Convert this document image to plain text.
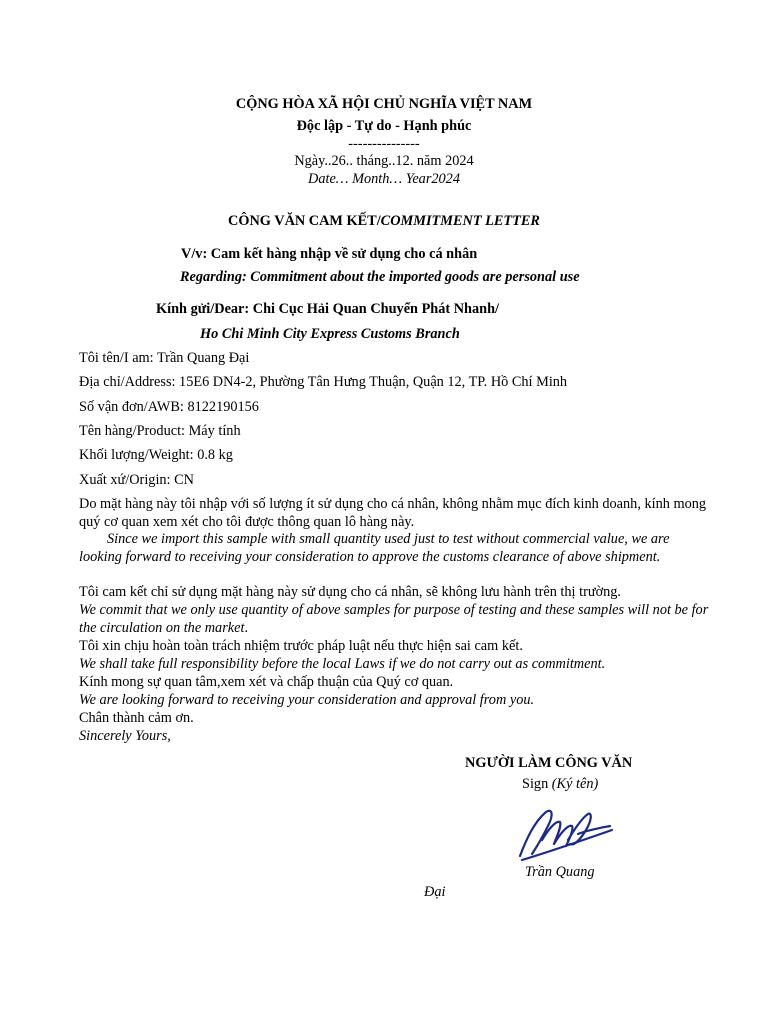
CỘNG HÒA XÃ HỘI CHỦ NGHĨA VIỆT NAM
Độc lập - Tự do - Hạnh phúc
---------------
Ngày..26.. tháng..12. năm 2024
Date… Month… Year2024
CÔNG VĂN CAM KẾT/COMMITMENT LETTER
V/v: Cam kết hàng nhập về sử dụng cho cá nhân
Regarding: Commitment about the imported goods are personal use
Kính gửi/Dear: Chi Cục Hải Quan Chuyển Phát Nhanh/
Ho Chi Minh City Express Customs Branch
Tôi tên/I am: Trần Quang Đại
Địa chỉ/Address: 15E6 DN4-2, Phường Tân Hưng Thuận, Quận 12, TP. Hồ Chí Minh
Số vận đơn/AWB: 8122190156
Tên hàng/Product: Máy tính
Khối lượng/Weight: 0.8 kg
Xuất xứ/Origin: CN
Do mặt hàng này tôi nhập với số lượng ít sử dụng cho cá nhân, không nhằm mục đích kinh doanh, kính mong quý cơ quan xem xét cho tôi được thông quan lô hàng này.
Since we import this sample with small quantity used just to test without commercial value, we are looking forward to receiving your consideration to approve the customs clearance of above shipment.
Tôi cam kết chỉ sử dụng mặt hàng này sử dụng cho cá nhân, sẽ không lưu hành trên thị trường.
We commit that we only use quantity of above samples for purpose of testing and these samples will not be for the circulation on the market.
Tôi xin chịu hoàn toàn trách nhiệm trước pháp luật nếu thực hiện sai cam kết.
We shall take full responsibility before the local Laws if we do not carry out as commitment.
Kính mong sự quan tâm,xem xét và chấp thuận của Quý cơ quan.
We are looking forward to receiving your consideration and approval from you.
Chân thành cảm ơn.
Sincerely Yours,
NGƯỜI LÀM CÔNG VĂN
Sign (Ký tên)
Trần Quang
Đại
